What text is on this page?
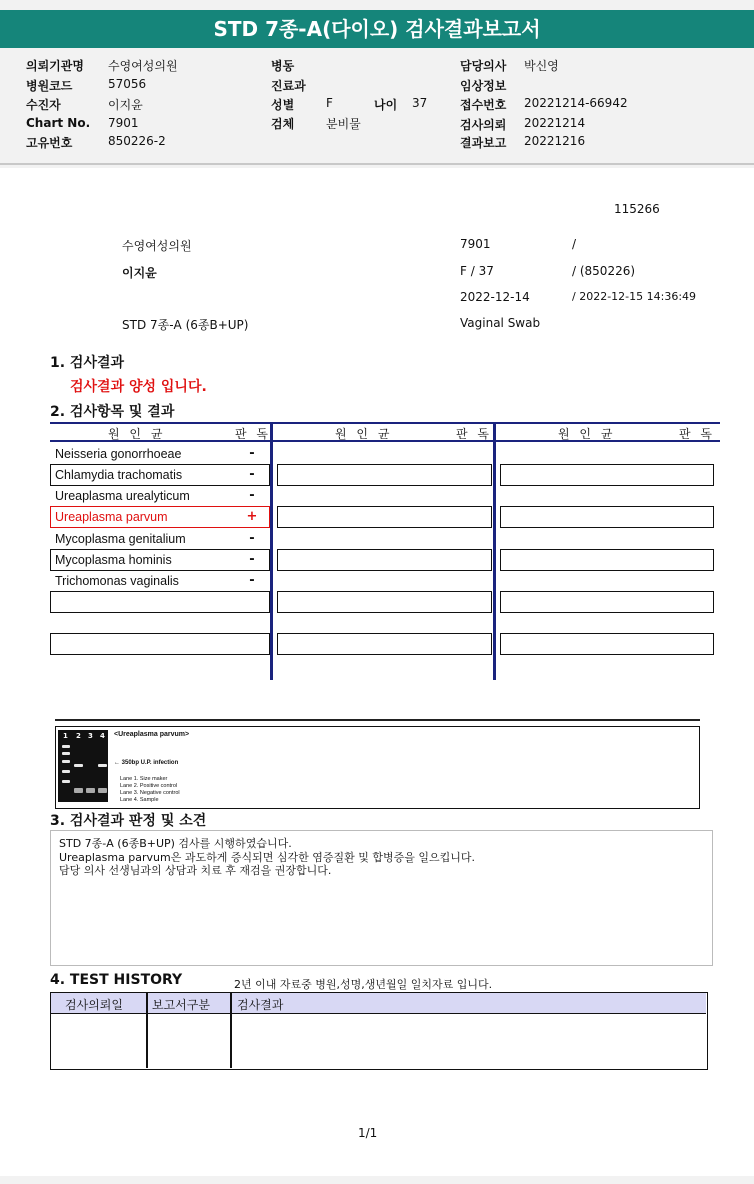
STD 7종-A(다이오) 검사결과보고서
의뢰기관명 수영여성의원
병원코드	57056
수진자	이지윤
Chart No. 7901
고유번호	850226-2
병동
진료과
성별	F	나이 37
검체	분비물
담당의사 박신영
임상정보
접수번호 20221214-66942
검사의뢰 20221214
결과보고 20221216
115266
수영여성의원
이지윤
7901	/
F / 37	/ (850226)
2022-12-14	/ 2022-12-15 14:36:49
STD 7종-A (6종B+UP)	Vaginal Swab
1. 검사결과
검사결과 양성 입니다.
2. 검사항목 및 결과
원 인 균	판 독	원 인 균	판 독	원 인 균	판 독
Neisseria gonorrhoeae	-
Chlamydia trachomatis	-
Ureaplasma urealyticum	-
Ureaplasma parvum	+
Mycoplasma genitalium	-
Mycoplasma hominis	-
Trichomonas vaginalis	-
1 2 3 4 <Ureaplasma parvum>
← 350bp U.P. infection
Lane 1. Size maker
Lane 2. Positive control
Lane 3. Negative control
Lane 4. Sample
3. 검사결과 판정 및 소견
STD 7종-A (6종B+UP) 검사를 시행하였습니다.
Ureaplasma parvum은 과도하게 증식되면 심각한 염증질환 및 합병증을 일으킵니다.
담당 의사 선생님과의 상담과 치료 후 재검을 권장합니다.
4. TEST HISTORY	2년 이내 자료중 병원,성명,생년월일 일치자료 입니다.
검사의뢰일 보고서구분 검사결과
1/1
